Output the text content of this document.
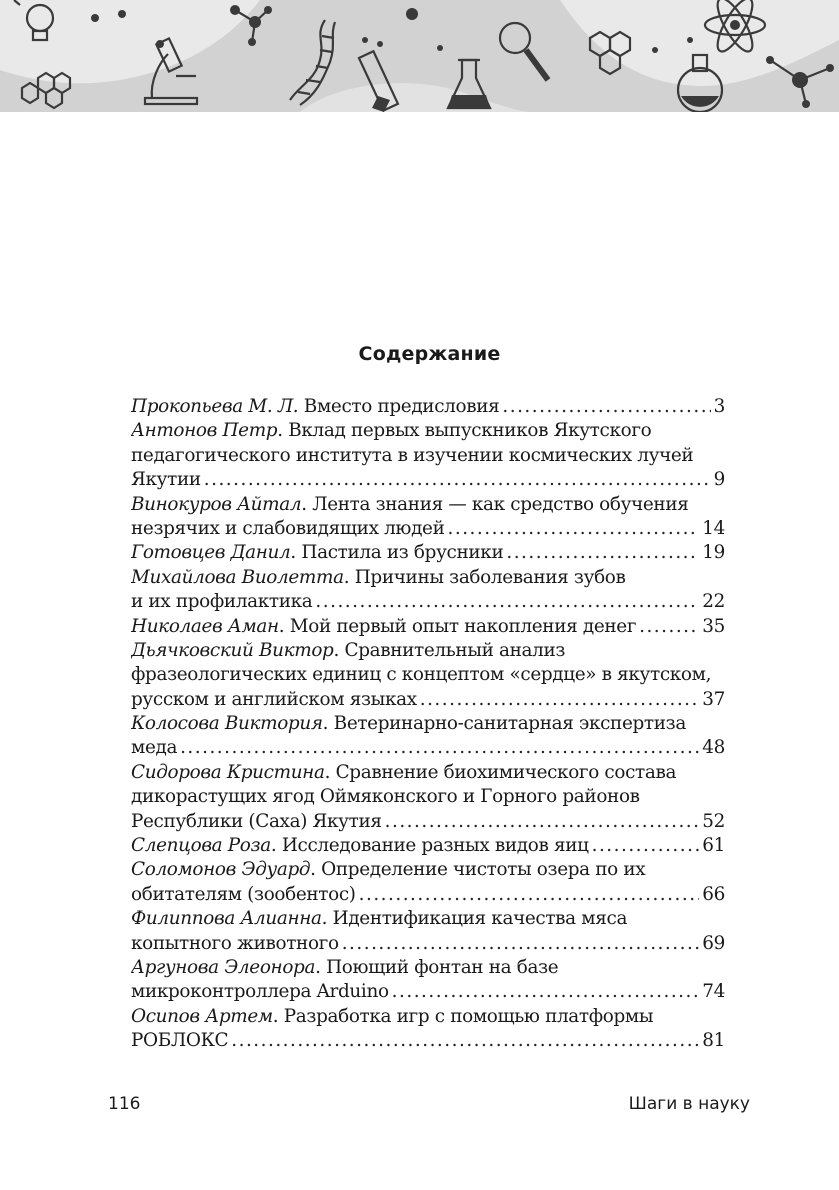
Содержание
Прокопьева М. Л. Вместо предисловия .....	3
Антонов Петр. Вклад первых выпускников Якутского
педагогического института в изучении космических лучей
Якутии .....	9
Винокуров Айтал. Лента знания — как средство обучения
незрячих и слабовидящих людей .....	14
Готовцев Данил. Пастила из брусники .....	19
Михайлова Виолетта. Причины заболевания зубов
и их профилактика .....	22
Николаев Аман. Мой первый опыт накопления денег .....	35
Дьячковский Виктор. Сравнительный анализ
фразеологических единиц с концептом «сердце» в якутском,
русском и английском языках .....	37
Колосова Виктория. Ветеринарно-санитарная экспертиза
меда .....	48
Сидорова Кристина. Сравнение биохимического состава
дикорастущих ягод Оймяконского и Горного районов
Республики (Саха) Якутия .....	52
Слепцова Роза. Исследование разных видов яиц .....	61
Соломонов Эдуард. Определение чистоты озера по их
обитателям (зообентос) .....	66
Филиппова Алианна. Идентификация качества мяса
копытного животного .....	69
Аргунова Элеонора. Поющий фонтан на базе
микроконтроллера Arduino .....	74
Осипов Артем. Разработка игр с помощью платформы
РОБЛОКС .....	81
116	Шаги в науку
